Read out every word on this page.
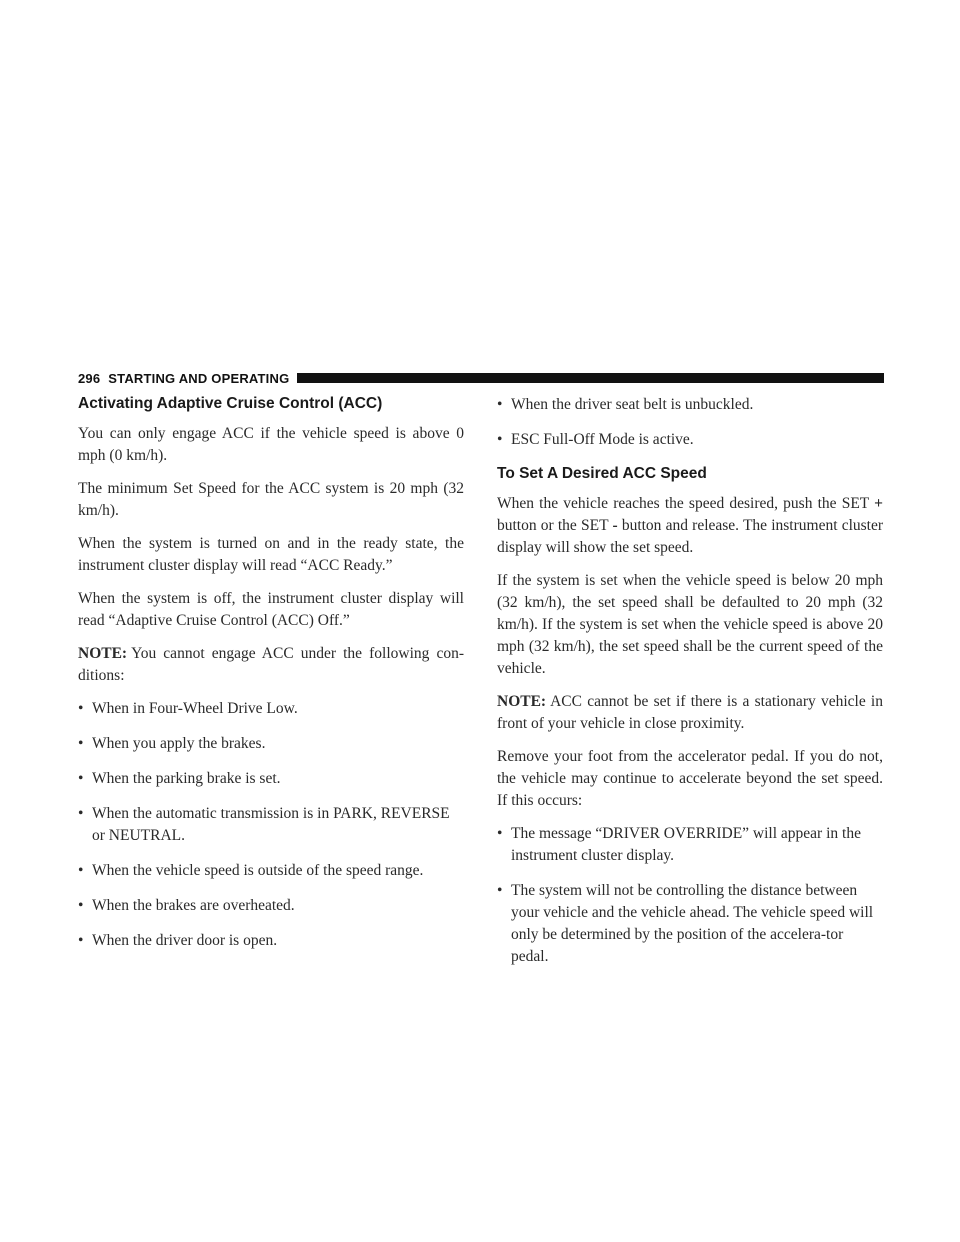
296 STARTING AND OPERATING
Activating Adaptive Cruise Control (ACC)

You can only engage ACC if the vehicle speed is above 0 mph (0 km/h).

The minimum Set Speed for the ACC system is 20 mph (32 km/h).

When the system is turned on and in the ready state, the instrument cluster display will read “ACC Ready.”

When the system is off, the instrument cluster display will read “Adaptive Cruise Control (ACC) Off.”

NOTE: You cannot engage ACC under the following con-ditions:

• When in Four-Wheel Drive Low.
• When you apply the brakes.
• When the parking brake is set.
• When the automatic transmission is in PARK, REVERSE or NEUTRAL.
• When the vehicle speed is outside of the speed range.
• When the brakes are overheated.
• When the driver door is open.
• When the driver seat belt is unbuckled.
• ESC Full-Off Mode is active.
To Set A Desired ACC Speed

When the vehicle reaches the speed desired, push the SET + button or the SET - button and release. The instrument cluster display will show the set speed.

If the system is set when the vehicle speed is below 20 mph (32 km/h), the set speed shall be defaulted to 20 mph (32 km/h). If the system is set when the vehicle speed is above 20 mph (32 km/h), the set speed shall be the current speed of the vehicle.

NOTE: ACC cannot be set if there is a stationary vehicle in front of your vehicle in close proximity.

Remove your foot from the accelerator pedal. If you do not, the vehicle may continue to accelerate beyond the set speed. If this occurs:

• The message “DRIVER OVERRIDE” will appear in the instrument cluster display.
• The system will not be controlling the distance between your vehicle and the vehicle ahead. The vehicle speed will only be determined by the position of the accelera-tor pedal.
